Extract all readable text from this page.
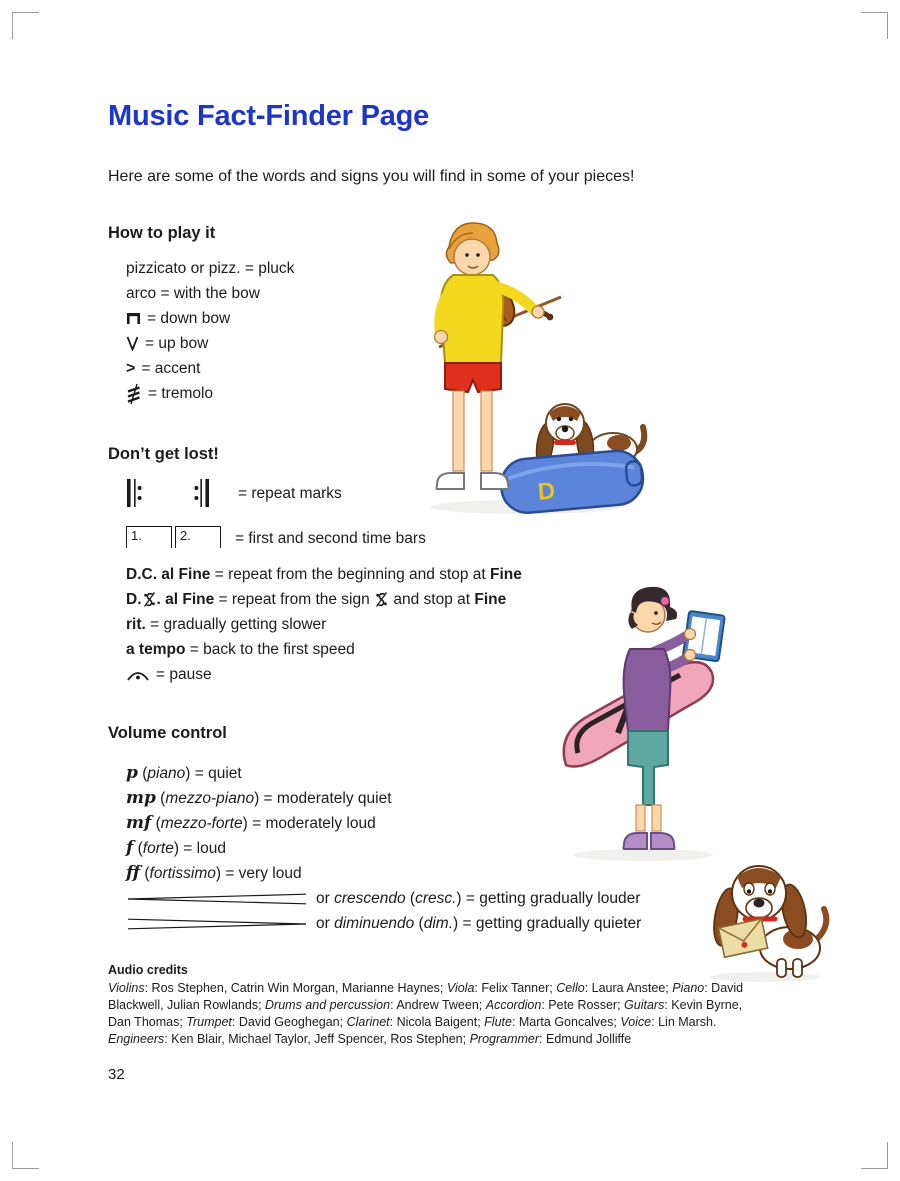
Music Fact-Finder Page
Here are some of the words and signs you will find in some of your pieces!
How to play it
pizzicato or pizz. = pluck
arco = with the bow
= down bow
= up bow
> = accent
= tremolo
Don’t get lost!
= repeat marks
1.	2.	= first and second time bars
D.C. al Fine = repeat from the beginning and stop at Fine
D. . al Fine = repeat from the sign  and stop at Fine
rit. = gradually getting slower
a tempo = back to the first speed
= pause
Volume control
p (piano) = quiet
mp (mezzo-piano) = moderately quiet
mf (mezzo-forte) = moderately loud
f (forte) = loud
ff (fortissimo) = very loud
or crescendo (cresc.) = getting gradually louder
or diminuendo (dim.) = getting gradually quieter
Audio credits

Violins: Ros Stephen, Catrin Win Morgan, Marianne Haynes; Viola: Felix Tanner; Cello: Laura Anstee; Piano: David Blackwell, Julian Rowlands; Drums and percussion: Andrew Tween; Accordion: Pete Rosser; Guitars: Kevin Byrne, Dan Thomas; Trumpet: David Geoghegan; Clarinet: Nicola Baigent; Flute: Marta Goncalves; Voice: Lin Marsh. Engineers: Ken Blair, Michael Taylor, Jeff Spencer, Ros Stephen; Programmer: Edmund Jolliffe

32
D
